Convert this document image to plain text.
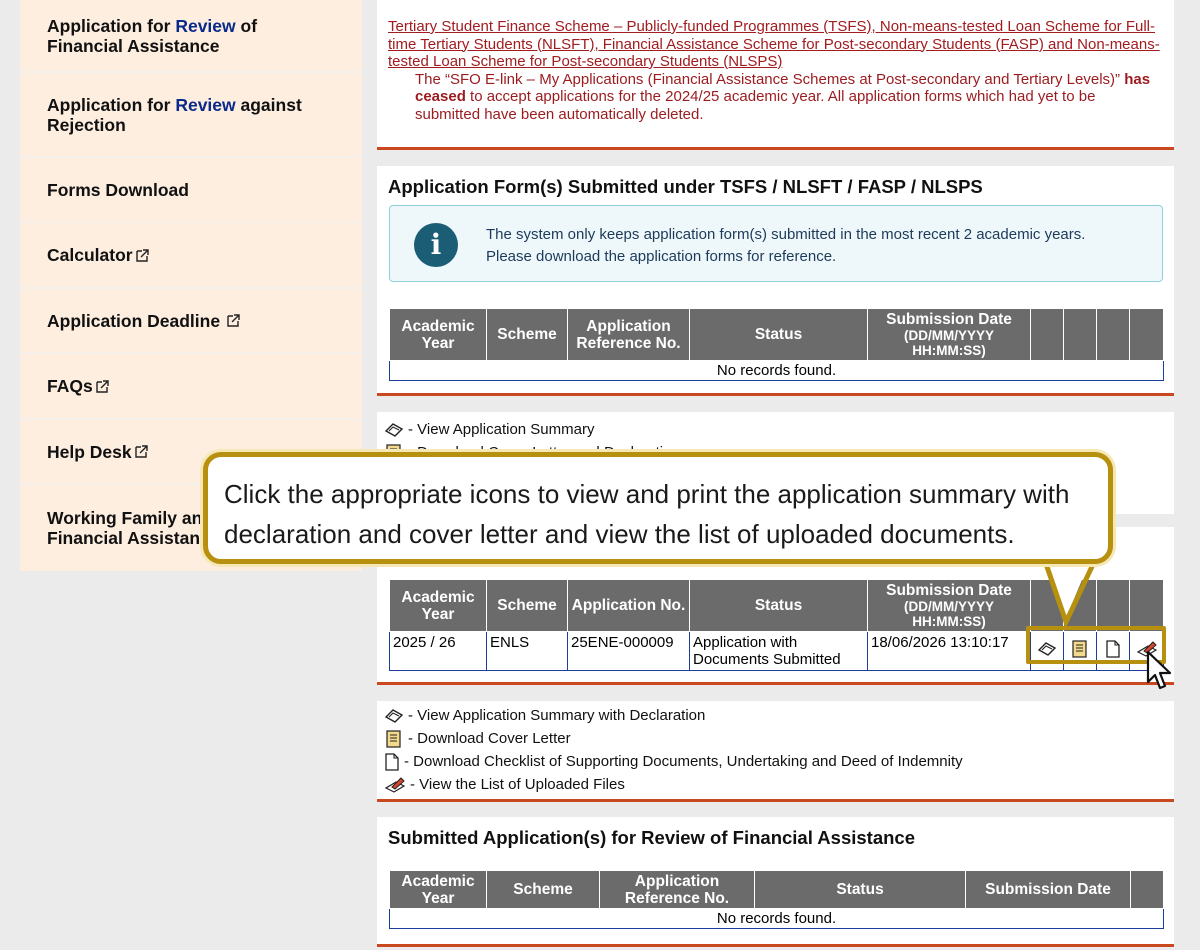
Application for Review of
Financial Assistance
Application for Review against
Rejection
Forms Download
Calculator
Application Deadline
FAQs
Help Desk
Working Family an
Financial Assistan
Tertiary Student Finance Scheme – Publicly-funded Programmes (TSFS), Non-means-tested Loan Scheme for Full-time Tertiary Students (NLSFT), Financial Assistance Scheme for Post-secondary Students (FASP) and Non-means-tested Loan Scheme for Post-secondary Students (NLSPS)
The “SFO E-link – My Applications (Financial Assistance Schemes at Post-secondary and Tertiary Levels)” has ceased to accept applications for the 2024/25 academic year. All application forms which had yet to be submitted have been automatically deleted.
Application Form(s) Submitted under TSFS / NLSFT / FASP / NLSPS
i	The system only keeps application form(s) submitted in the most recent 2 academic years.
Please download the application forms for reference.
Academic Year	Scheme	Application Reference No.	Status	Submission Date
(DD/MM/YYYY
HH:MM:SS)

No records found.
- View Application Summary
Academic Year	Scheme	Application No.	Status	Submission Date
(DD/MM/YYYY
HH:MM:SS)				

2025 / 26	ENLS	25ENE-000009	Application with Documents Submitted	18/06/2026 13:10:17				
- View Application Summary with Declaration
- Download Cover Letter
- Download Checklist of Supporting Documents, Undertaking and Deed of Indemnity
- View the List of Uploaded Files
Submitted Application(s) for Review of Financial Assistance
Academic Year	Scheme	Application Reference No.	Status	Submission Date	
No records found.
Click the appropriate icons to view and print the application summary with declaration and cover letter and view the list of uploaded documents.
